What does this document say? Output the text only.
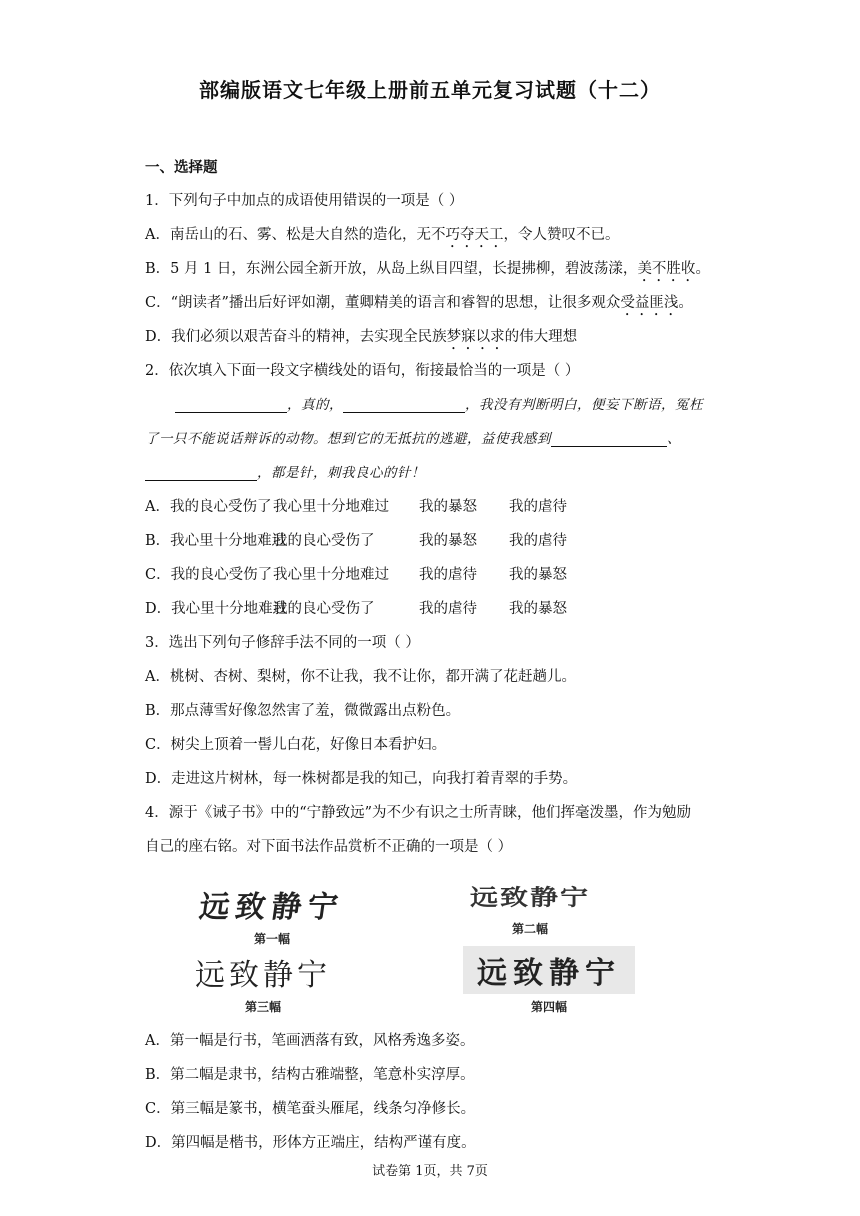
部编版语文七年级上册前五单元复习试题（十二）
一、选择题
1．下列句子中加点的成语使用错误的一项是（ ）
A．南岳山的石、雾、松是大自然的造化，无不巧夺天工，令人赞叹不已。
B．5 月 1 日，东洲公园全新开放，从岛上纵目四望，长提拂柳，碧波荡漾，美不胜收。
C．“朗读者”播出后好评如潮，董卿精美的语言和睿智的思想，让很多观众受益匪浅。
D．我们必须以艰苦奋斗的精神，去实现全民族梦寐以求的伟大理想
2．依次填入下面一段文字横线处的语句，衔接最恰当的一项是（ ）
，真的，	，我没有判断明白，便妄下断语，冤枉
了一只不能说话辩诉的动物。想到它的无抵抗的逃避，益使我感到	、
，都是针，刺我良心的针！
A．我的良心受伤了 我心里十分地难过 我的暴怒 我的虐待
B．我心里十分地难过我的良心受伤了	我的暴怒 我的虐待
C．我的良心受伤了我心里十分地难过 我的虐待 我的暴怒
D．我心里十分地难过我的良心受伤了	我的虐待 我的暴怒
3．选出下列句子修辞手法不同的一项（ ）
A．桃树、杏树、梨树，你不让我，我不让你，都开满了花赶趟儿。
B．那点薄雪好像忽然害了羞，微微露出点粉色。
C．树尖上顶着一髻儿白花，好像日本看护妇。
D．走进这片树林，每一株树都是我的知己，向我打着青翠的手势。
4．源于《诫子书》中的“宁静致远”为不少有识之士所青睐，他们挥毫泼墨，作为勉励
自己的座右铭。对下面书法作品赏析不正确的一项是（ ）
远致静宁
第一幅
远致静宁
第二幅
远致静宁
第三幅
远致静宁
第四幅
A．第一幅是行书，笔画洒落有致，风格秀逸多姿。
B．第二幅是隶书，结构古雅端整，笔意朴实淳厚。
C．第三幅是篆书，横笔蚕头雁尾，线条匀净修长。
D．第四幅是楷书，形体方正端庄，结构严谨有度。
试卷第 1页，共 7页
